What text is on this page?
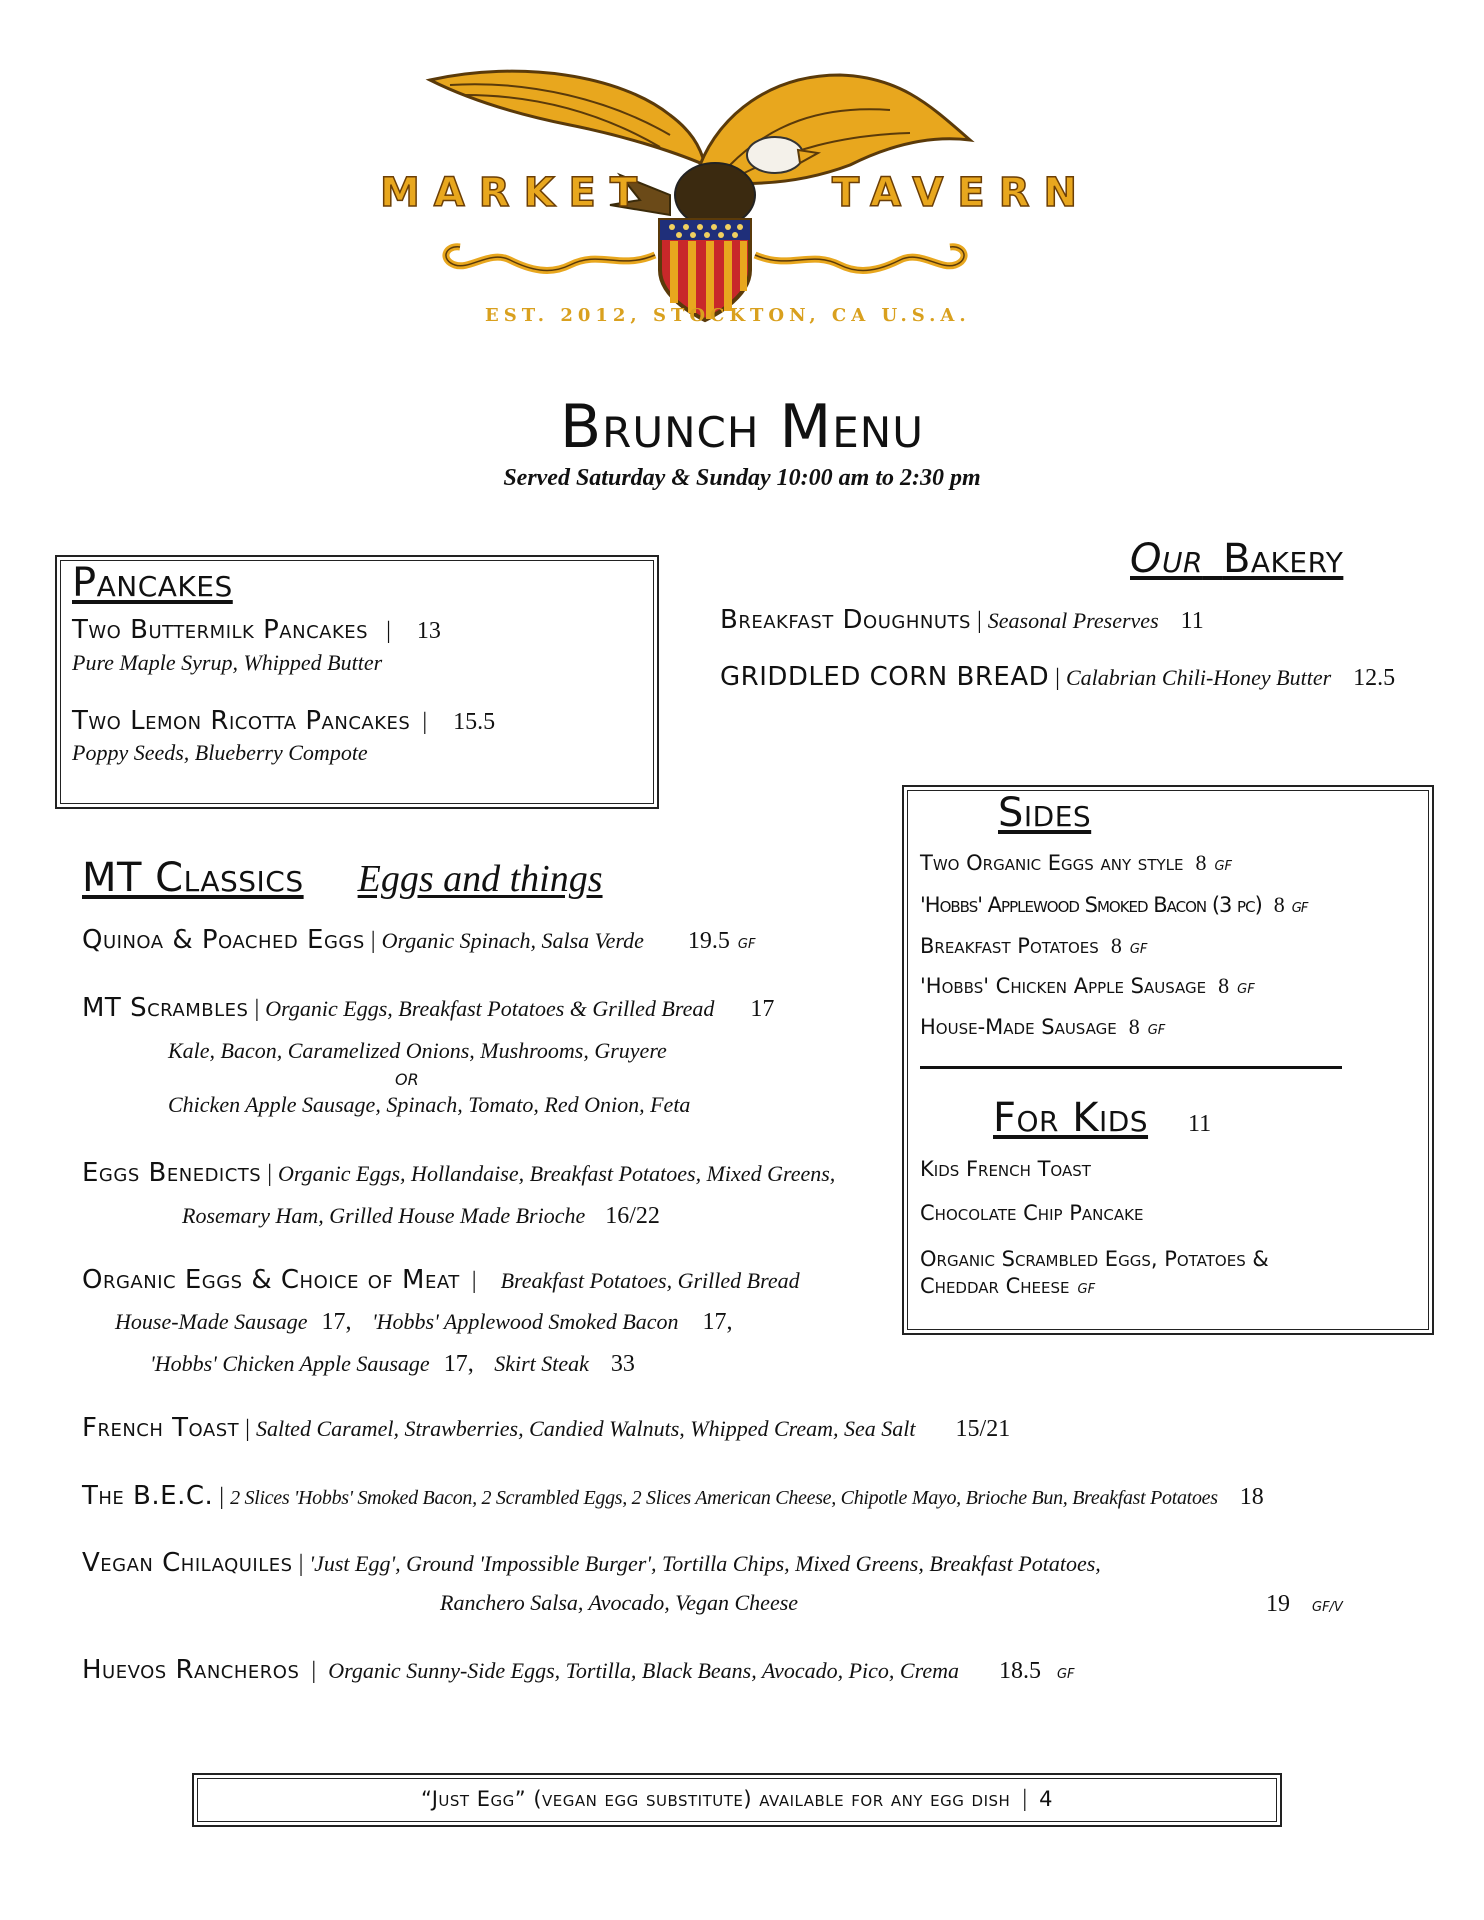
MARKET	TAVERN
EST. 2012, STOCKTON, CA U.S.A.
Brunch Menu
Served Saturday & Sunday 10:00 am to 2:30 pm
Pancakes
Two Buttermilk Pancakes  | 13
Pure Maple Syrup, Whipped Butter
Two Lemon Ricotta Pancakes | 15.5
Poppy Seeds, Blueberry Compote
Our Bakery
Breakfast Doughnuts | Seasonal Preserves 11
GRIDDLED CORN BREAD | Calabrian Chili-Honey Butter 12.5
Sides
Two Organic Eggs any style 8 GF
'Hobbs' Applewood Smoked Bacon (3 pc) 8 GF
Breakfast Potatoes 8 GF
'Hobbs' Chicken Apple Sausage 8 GF
House-Made Sausage 8 GF
For Kids 11
Kids French Toast
Chocolate Chip Pancake
Organic Scrambled Eggs, Potatoes &
Cheddar Cheese GF
MT Classics Eggs and things
Quinoa & Poached Eggs | Organic Spinach, Salsa Verde 19.5 GF
MT Scrambles | Organic Eggs, Breakfast Potatoes & Grilled Bread 17
Kale, Bacon, Caramelized Onions, Mushrooms, Gruyere
OR
Chicken Apple Sausage, Spinach, Tomato, Red Onion, Feta
Eggs Benedicts | Organic Eggs, Hollandaise, Breakfast Potatoes, Mixed Greens,
Rosemary Ham, Grilled House Made Brioche 16/22
Organic Eggs & Choice of Meat | Breakfast Potatoes, Grilled Bread
House-Made Sausage 17, 'Hobbs' Applewood Smoked Bacon 17,
'Hobbs' Chicken Apple Sausage 17, Skirt Steak 33
French Toast | Salted Caramel, Strawberries, Candied Walnuts, Whipped Cream, Sea Salt 15/21
The B.E.C. | 2 Slices 'Hobbs' Smoked Bacon, 2 Scrambled Eggs, 2 Slices American Cheese, Chipotle Mayo, Brioche Bun, Breakfast Potatoes 18
Vegan Chilaquiles | 'Just Egg', Ground 'Impossible Burger', Tortilla Chips, Mixed Greens, Breakfast Potatoes,
Ranchero Salsa, Avocado, Vegan Cheese	19 GF/V
Huevos Rancheros | Organic Sunny-Side Eggs, Tortilla, Black Beans, Avocado, Pico, Crema 18.5 GF
“Just Egg” (vegan egg substitute) available for any egg dish | 4
